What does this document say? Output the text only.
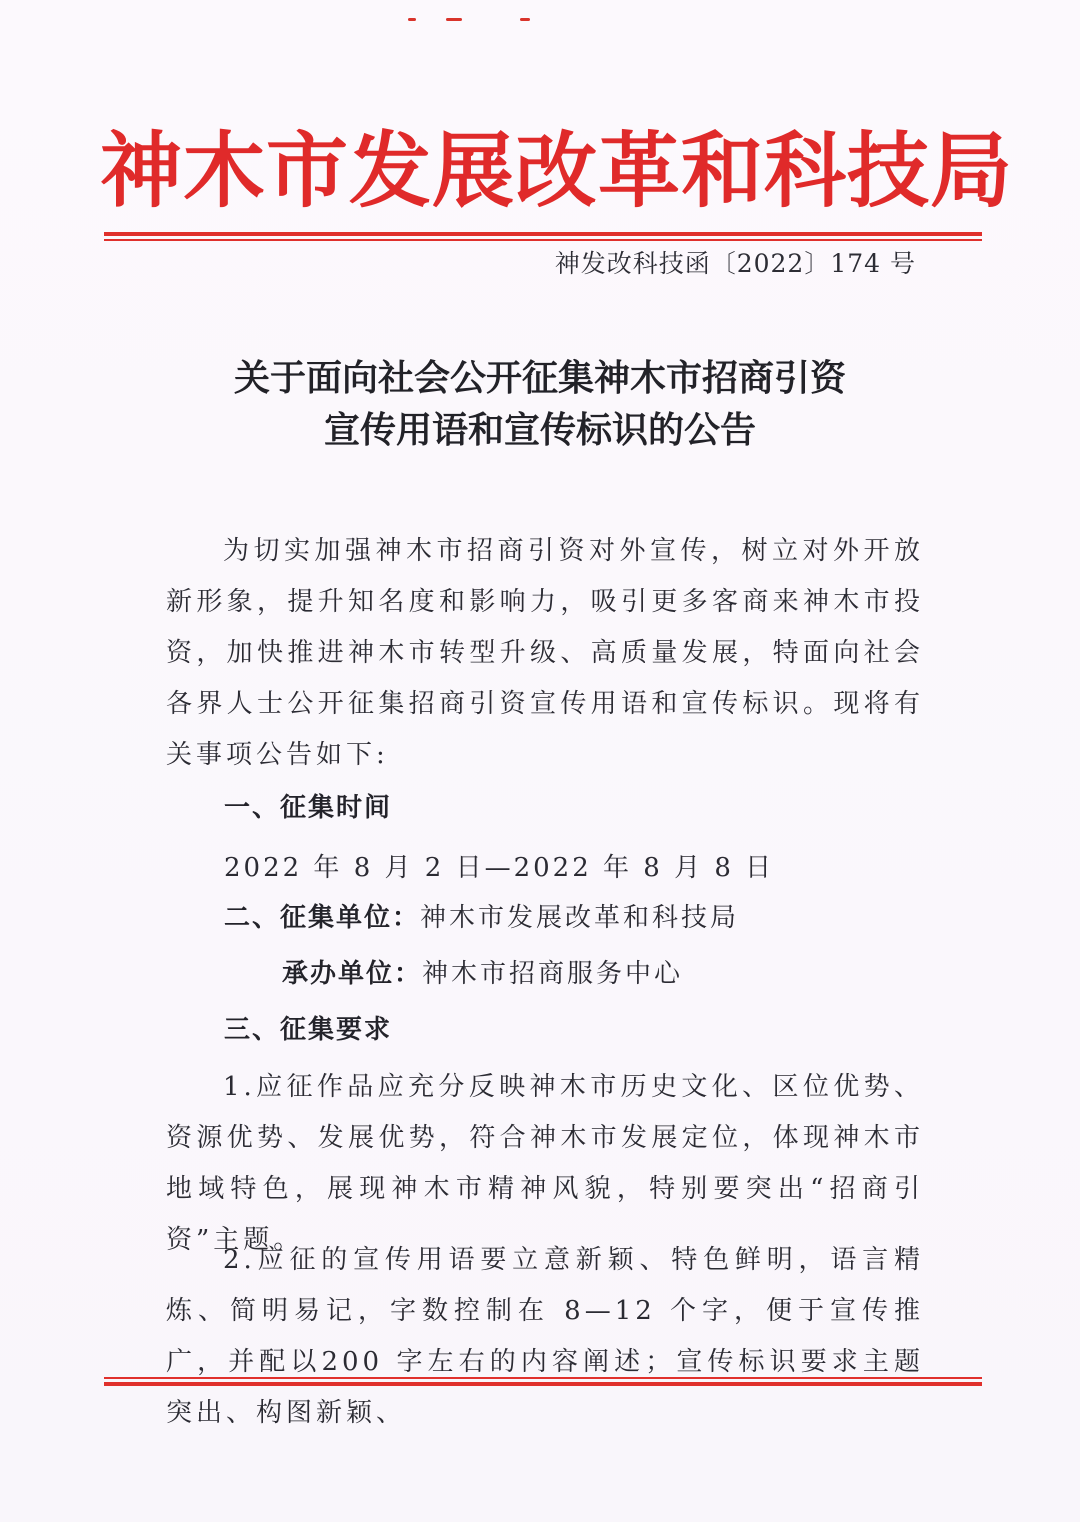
神木市发展改革和科技局
神发改科技函〔2022〕174 号
关于面向社会公开征集神木市招商引资
宣传用语和宣传标识的公告

为切实加强神木市招商引资对外宣传，树立对外开放新形象，提升知名度和影响力，吸引更多客商来神木市投资，加快推进神木市转型升级、高质量发展，特面向社会各界人士公开征集招商引资宣传用语和宣传标识。现将有关事项公告如下:

一、征集时间
2022 年 8 月 2 日—2022 年 8 月 8 日
二、征集单位：神木市发展改革和科技局
承办单位：神木市招商服务中心
三、征集要求

1.应征作品应充分反映神木市历史文化、区位优势、资源优势、发展优势，符合神木市发展定位，体现神木市地域特色，展现神木市精神风貌，特别要突出“招商引资”主题。

2.应征的宣传用语要立意新颖、特色鲜明，语言精炼、简明易记，字数控制在 8—12 个字，便于宣传推广，并配以200 字左右的内容阐述；宣传标识要求主题突出、构图新颖、
